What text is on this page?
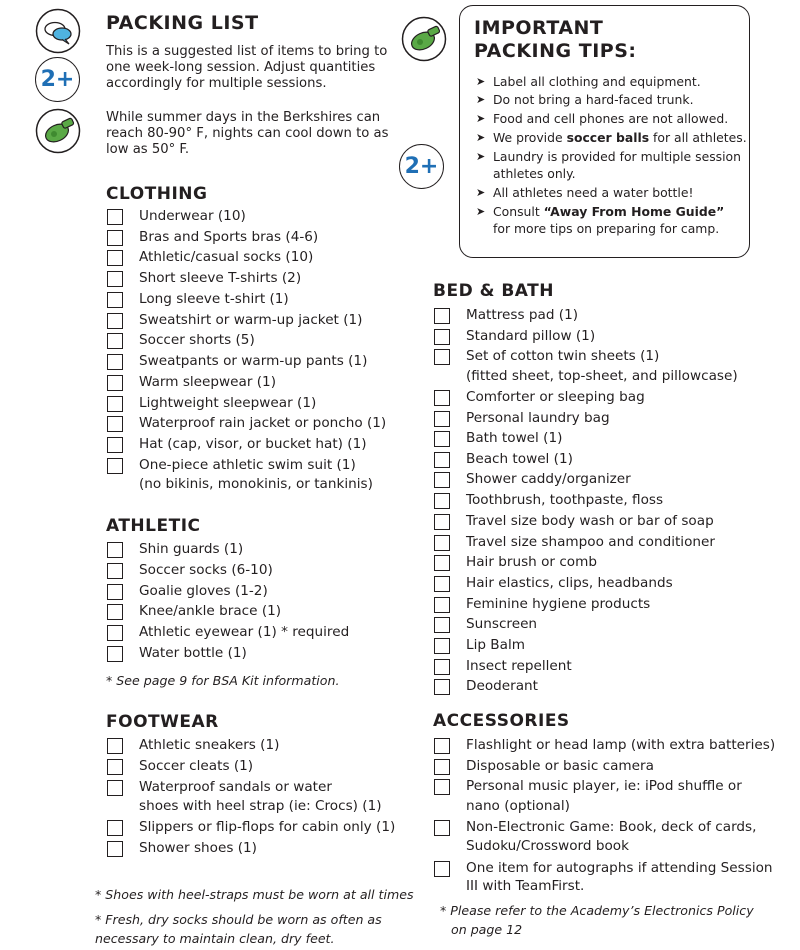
2+
PACKING LIST

This is a suggested list of items to bring to

one week-long session. Adjust quantities

accordingly for multiple sessions.

While summer days in the Berkshires can

reach 80-90° F, nights can cool down to as

low as 50° F.

2+
IMPORTANT
PACKING TIPS:
➤ Label all clothing and equipment.
➤ Do not bring a hard-faced trunk.
➤ Food and cell phones are not allowed.
➤ We provide soccer balls for all athletes.
➤ Laundry is provided for multiple session
athletes only.
➤ All athletes need a water bottle!
➤ Consult “Away From Home Guide”
for more tips on preparing for camp.
CLOTHING
Underwear (10)
Bras and Sports bras (4-6)
Athletic/casual socks (10)
Short sleeve T-shirts (2)
Long sleeve t-shirt (1)
Sweatshirt or warm-up jacket (1)
Soccer shorts (5)
Sweatpants or warm-up pants (1)
Warm sleepwear (1)
Lightweight sleepwear (1)
Waterproof rain jacket or poncho (1)
Hat (cap, visor, or bucket hat) (1)
One-piece athletic swim suit (1)
(no bikinis, monokinis, or tankinis)
ATHLETIC
Shin guards (1)
Soccer socks (6-10)
Goalie gloves (1-2)
Knee/ankle brace (1)
Athletic eyewear (1) * required
Water bottle (1)
* See page 9 for BSA Kit information.
FOOTWEAR
Athletic sneakers (1)
Soccer cleats (1)
Waterproof sandals or water
shoes with heel strap (ie: Crocs) (1)
Slippers or flip-flops for cabin only (1)
Shower shoes (1)
* Shoes with heel-straps must be worn at all times
* Fresh, dry socks should be worn as often as
necessary to maintain clean, dry feet.
BED & BATH
Mattress pad (1)
Standard pillow (1)
Set of cotton twin sheets (1)
(fitted sheet, top-sheet, and pillowcase)
Comforter or sleeping bag
Personal laundry bag
Bath towel (1)
Beach towel (1)
Shower caddy/organizer
Toothbrush, toothpaste, floss
Travel size body wash or bar of soap
Travel size shampoo and conditioner
Hair brush or comb
Hair elastics, clips, headbands
Feminine hygiene products
Sunscreen
Lip Balm
Insect repellent
Deoderant
ACCESSORIES
Flashlight or head lamp (with extra batteries)
Disposable or basic camera
Personal music player, ie: iPod shuffle or
nano (optional)
Non-Electronic Game: Book, deck of cards,
Sudoku/Crossword book
One item for autographs if attending Session
III with TeamFirst.
* Please refer to the Academy’s Electronics Policy
on page 12
